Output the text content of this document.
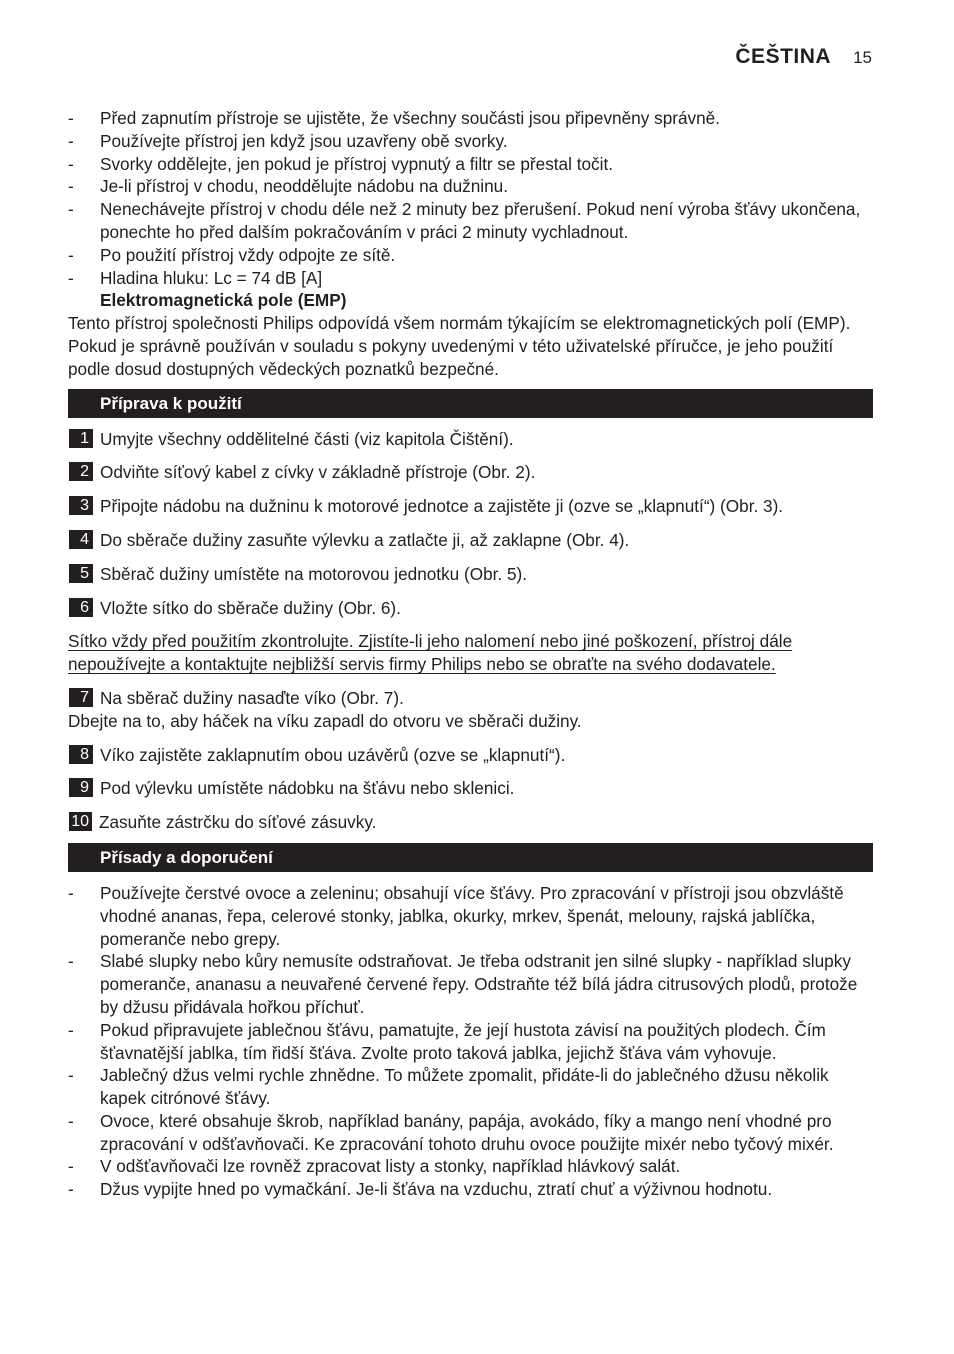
ČEŠTINA 15
- Před zapnutím přístroje se ujistěte, že všechny součásti jsou připevněny správně.
- Používejte přístroj jen když jsou uzavřeny obě svorky.
- Svorky oddělejte, jen pokud je přístroj vypnutý a filtr se přestal točit.
- Je-li přístroj v chodu, neoddělujte nádobu na dužninu.
- Nenechávejte přístroj v chodu déle než 2 minuty bez přerušení. Pokud není výroba šťávy ukončena, ponechte ho před dalším pokračováním v práci 2 minuty vychladnout.
- Po použití přístroj vždy odpojte ze sítě.
- Hladina hluku: Lc = 74 dB [A]
Elektromagnetická pole (EMP)

Tento přístroj společnosti Philips odpovídá všem normám týkajícím se elektromagnetických polí (EMP). Pokud je správně používán v souladu s pokyny uvedenými v této uživatelské příručce, je jeho použití podle dosud dostupných vědeckých poznatků bezpečné.

Příprava k použití
1 Umyjte všechny oddělitelné části (viz kapitola Čištění).
2 Odviňte síťový kabel z cívky v základně přístroje (Obr. 2).
3 Připojte nádobu na dužninu k motorové jednotce a zajistěte ji (ozve se „klapnutí“) (Obr. 3).
4 Do sběrače dužiny zasuňte výlevku a zatlačte ji, až zaklapne (Obr. 4).
5 Sběrač dužiny umístěte na motorovou jednotku (Obr. 5).
6 Vložte sítko do sběrače dužiny (Obr. 6).

Sítko vždy před použitím zkontrolujte. Zjistíte-li jeho nalomení nebo jiné poškození, přístroj dále nepoužívejte a kontaktujte nejbližší servis firmy Philips nebo se obraťte na svého dodavatele.

7 Na sběrač dužiny nasaďte víko (Obr. 7).

Dbejte na to, aby háček na víku zapadl do otvoru ve sběrači dužiny.

8 Víko zajistěte zaklapnutím obou uzávěrů (ozve se „klapnutí“).
9 Pod výlevku umístěte nádobku na šťávu nebo sklenici.
10 Zasuňte zástrčku do síťové zásuvky.
Přísady a doporučení
- Používejte čerstvé ovoce a zeleninu; obsahují více šťávy. Pro zpracování v přístroji jsou obzvláště vhodné ananas, řepa, celerové stonky, jablka, okurky, mrkev, špenát, melouny, rajská jablíčka, pomeranče nebo grepy.
- Slabé slupky nebo kůry nemusíte odstraňovat. Je třeba odstranit jen silné slupky - například slupky pomeranče, ananasu a neuvařené červené řepy. Odstraňte též bílá jádra citrusových plodů, protože by džusu přidávala hořkou příchuť.
- Pokud připravujete jablečnou šťávu, pamatujte, že její hustota závisí na použitých plodech. Čím šťavnatější jablka, tím řidší šťáva. Zvolte proto taková jablka, jejichž šťáva vám vyhovuje.
- Jablečný džus velmi rychle zhnědne. To můžete zpomalit, přidáte-li do jablečného džusu několik kapek citrónové šťávy.
- Ovoce, které obsahuje škrob, například banány, papája, avokádo, fíky a mango není vhodné pro zpracování v odšťavňovači. Ke zpracování tohoto druhu ovoce použijte mixér nebo tyčový mixér.
- V odšťavňovači lze rovněž zpracovat listy a stonky, například hlávkový salát.
- Džus vypijte hned po vymačkání. Je-li šťáva na vzduchu, ztratí chuť a výživnou hodnotu.
